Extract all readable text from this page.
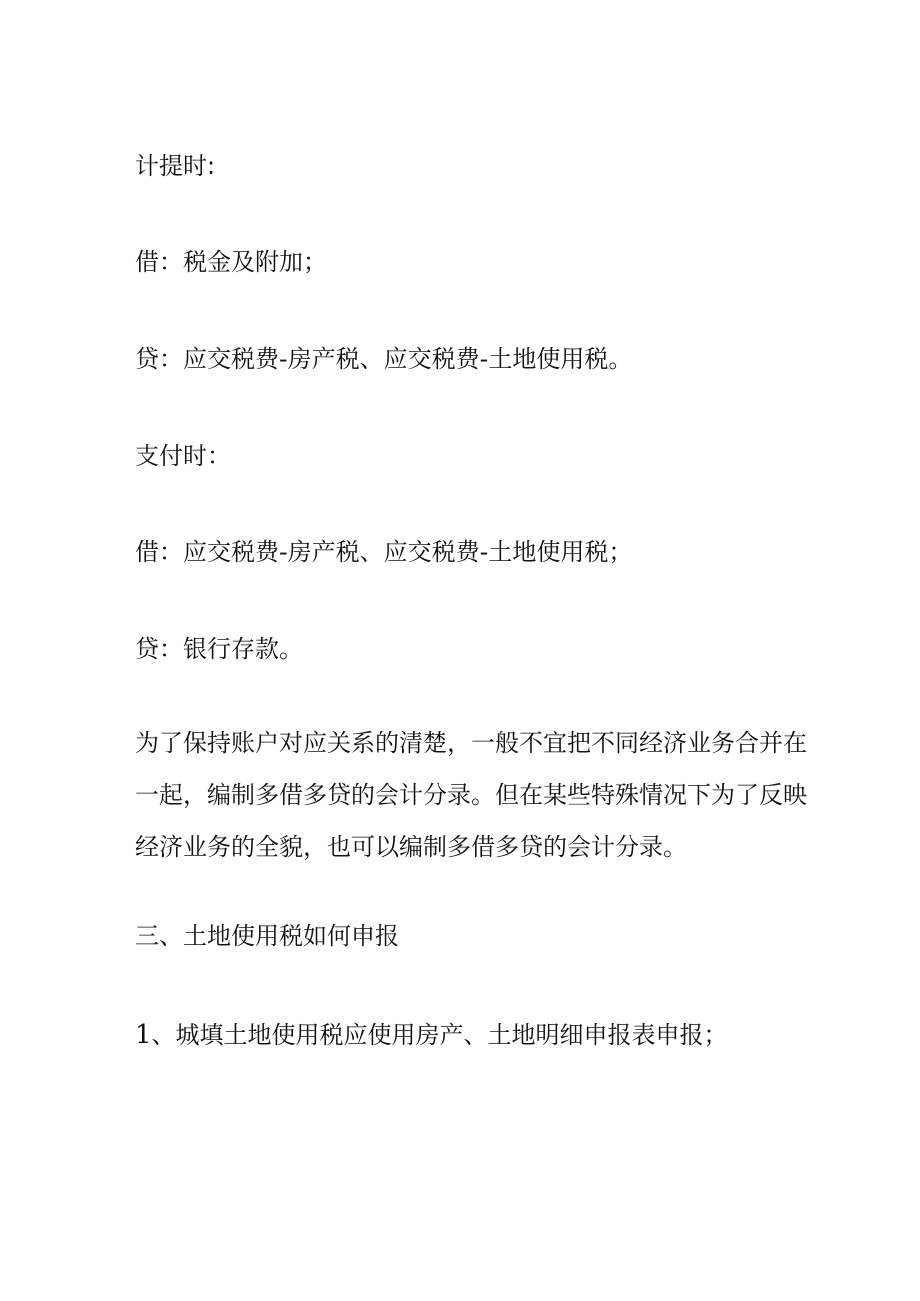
计提时:

借：税金及附加；

贷：应交税费-房产税、应交税费-土地使用税。

支付时：

借：应交税费-房产税、应交税费-土地使用税；

贷：银行存款。

为了保持账户对应关系的清楚，一般不宜把不同经济业务合并在
一起，编制多借多贷的会计分录。但在某些特殊情况下为了反映
经济业务的全貌，也可以编制多借多贷的会计分录。

三、土地使用税如何申报

1、城填土地使用税应使用房产、土地明细申报表申报；
